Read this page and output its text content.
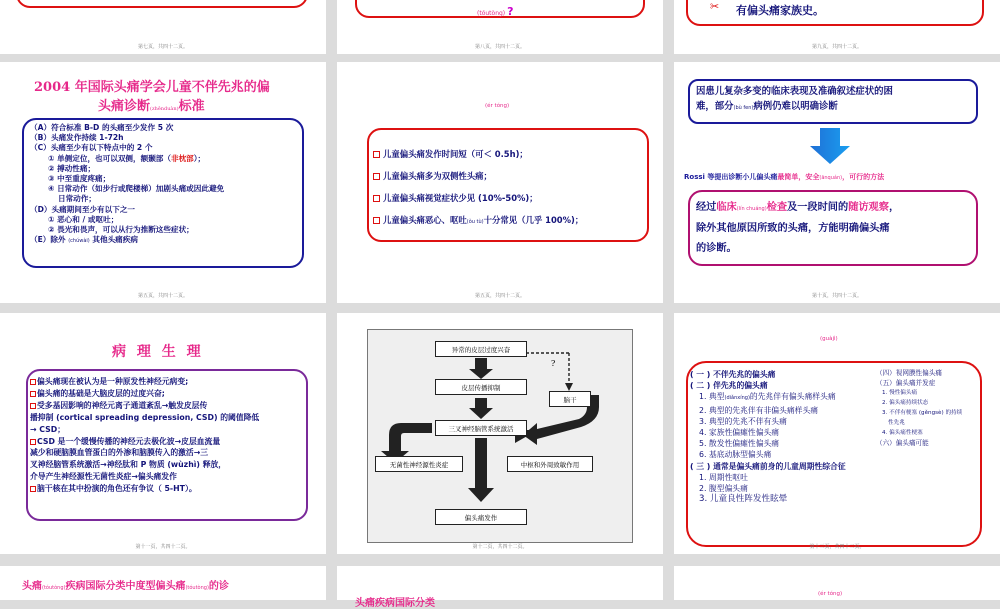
第七页，共四十二页。
(tóutòng) ?
第八页，共四十二页。
✂ 有偏头痛家族史。
第九页，共四十二页。
2004 年国际头痛学会儿童不伴先兆的偏
头痛诊断(zhěnduàn)标准
（A）符合标准 B-D 的头痛至少发作 5 次
（B）头痛发作持续 1-72h
（C）头痛至少有以下特点中的 2 个
① 单侧定位，也可以双侧，额颞部（非枕部）；
② 搏动性痛；
③ 中至重度疼痛；
④ 日常动作（如步行或爬楼梯）加剧头痛或因此避免
日常动作；
（D）头痛期间至少有以下之一
① 恶心和 / 或呕吐；
② 畏光和畏声，可以从行为推断这些症状；
（E）除外 (chúwài) 其他头痛疾病
第五页，共四十二页。
(ér tóng)
儿童偏头痛发作时间短（可＜ 0.5h)；
儿童偏头痛多为双侧性头痛；
儿童偏头痛视觉症状少见 (10%-50%)；
儿童偏头痛恶心、呕吐(ǒu tù)十分常见（几乎 100%)；
第五页，共四十二页。
因患儿复杂多变的临床表现及准确叙述症状的困
难，部分(bù fen)病例仍难以明确诊断
Rossi 等提出诊断小儿偏头痛最简单，安全(ānquán)，可行的方法
经过临床(lín chuáng)检查及一段时间的随访观察，
除外其他原因所致的头痛，方能明确偏头痛
的诊断。
第十页，共四十二页。
病 理 生 理
偏头痛现在被认为是一种原发性神经元病变;
偏头痛的基础是大脑皮层的过度兴奋;
受多基因影响的神经元离子通道紊乱→触发皮层传
播抑制 (cortical spreading depression, CSD) 的阈值降低
→ CSD；
CSD 是一个缓慢传播的神经元去极化波→皮层血流量
减少和硬脑膜血管蛋白的外渗和脑膜传入的激活→三
叉神经脑管系统激活→神经肽和 P 物质 (wùzhì) 释放，
介导产生神经源性无菌性炎症→偏头痛发作
脑干核在其中扮演的角色还有争议（ 5-HT）。
第十一页，共四十二页。
异常的皮层过度兴奋
皮层传播抑制
三叉神经脑管系统激活
无菌性神经源性炎症	中枢和外周致敏作用
偏头痛发作
脑干
?
第十二页，共四十二页。
(guàjì)
( 一 ) 不伴先兆的偏头痛
( 二 ) 伴先兆的偏头痛
1. 典型(diǎnxíng)的先兆伴有偏头痛样头痛
2. 典型的先兆伴有非偏头痛样头痛
3. 典型的先兆不伴有头痛
4. 家族性偏瘫性偏头痛
5. 散发性偏瘫性偏头痛
6. 基底动脉型偏头痛
( 三 ) 通常是偏头痛前身的儿童周期性综合征
1. 周期性呕吐
2. 腹型偏头痛
3. 儿童良性阵发性眩晕
（四）视网膜性偏头痛
（五）偏头痛并发症
1. 慢性偏头痛
2. 偏头痛持续状态
3. 不伴有梗塞 (gěngsè) 的持续
性先兆
4. 偏头痛性梗塞
（六）偏头痛可能
第十三页，共四十二页。
头痛(tóutòng)疾病国际分类中度型偏头痛(tóutòng)的诊
头痛疾病国际分类
(ér tóng)
